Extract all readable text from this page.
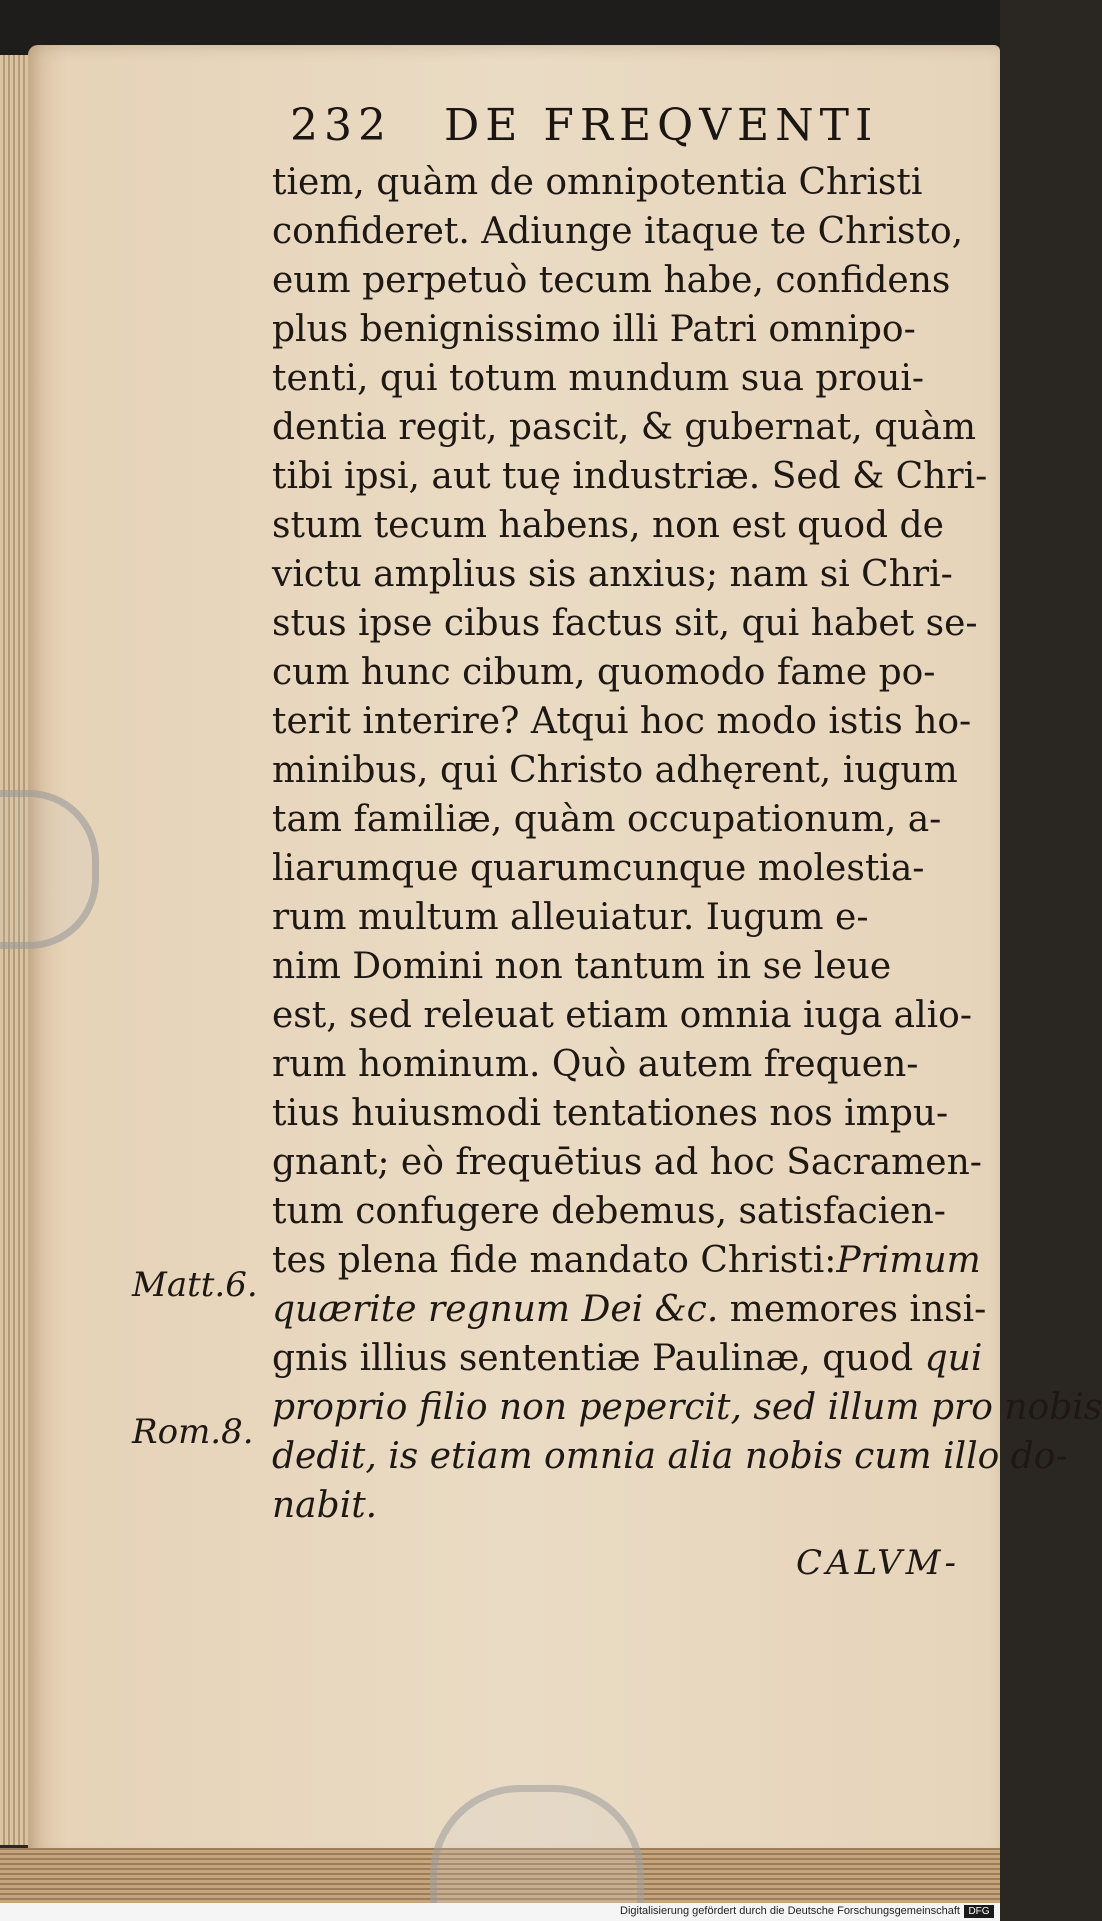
232 DE FREQVENTI
tiem, quàm de omnipotentia Christi
confideret. Adiunge itaque te Christo,
eum perpetuò tecum habe, confidens
plus benignissimo illi Patri omnipo-
tenti, qui totum mundum sua proui-
dentia regit, pascit, & gubernat, quàm
tibi ipsi, aut tuę industriæ. Sed & Chri-
stum tecum habens, non est quod de
victu amplius sis anxius; nam si Chri-
stus ipse cibus factus sit, qui habet se-
cum hunc cibum, quomodo fame po-
terit interire? Atqui hoc modo istis ho-
minibus, qui Christo adhęrent, iugum
tam familiæ, quàm occupationum, a-
liarumque quarumcunque molestia-
rum multum alleuiatur. Iugum e-
nim Domini non tantum in se leue
est, sed releuat etiam omnia iuga alio-
rum hominum. Quò autem frequen-
tius huiusmodi tentationes nos impu-
gnant; eò frequētius ad hoc Sacramen-
tum confugere debemus, satisfacien-
tes plena fide mandato Christi:Primum
quærite regnum Dei &c. memores insi-
gnis illius sententiæ Paulinæ, quod qui
proprio filio non pepercit, sed illum pro nobis
dedit, is etiam omnia alia nobis cum illo do-
nabit.
Matt.6.
Rom.8.
CALVM-
Digitalisierung gefördert durch die Deutsche Forschungsgemeinschaft DFG
